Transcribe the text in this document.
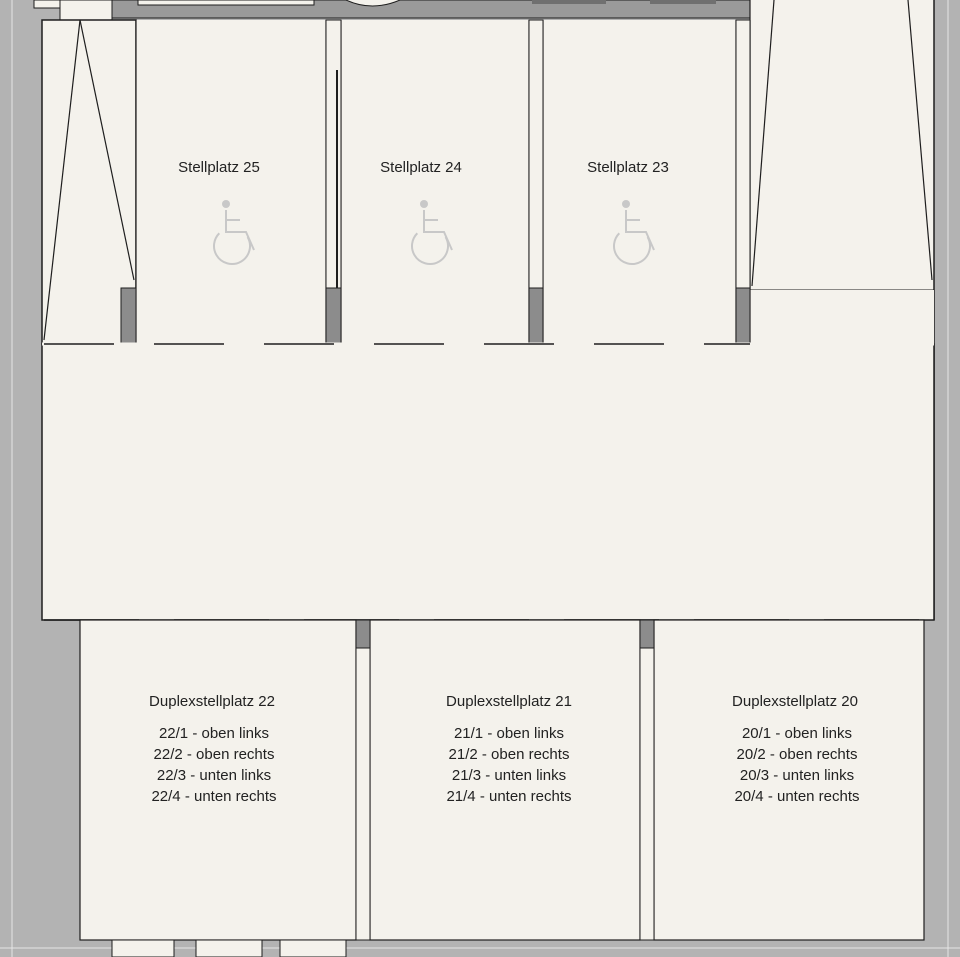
Stellplatz 25	Stellplatz 24	Stellplatz 23
Duplexstellplatz 22
22/1 - oben links
22/2 - oben rechts
22/3 - unten links
22/4 - unten rechts
Duplexstellplatz 21
21/1 - oben links
21/2 - oben rechts
21/3 - unten links
21/4 - unten rechts
Duplexstellplatz 20
20/1 - oben links
20/2 - oben rechts
20/3 - unten links
20/4 - unten rechts
